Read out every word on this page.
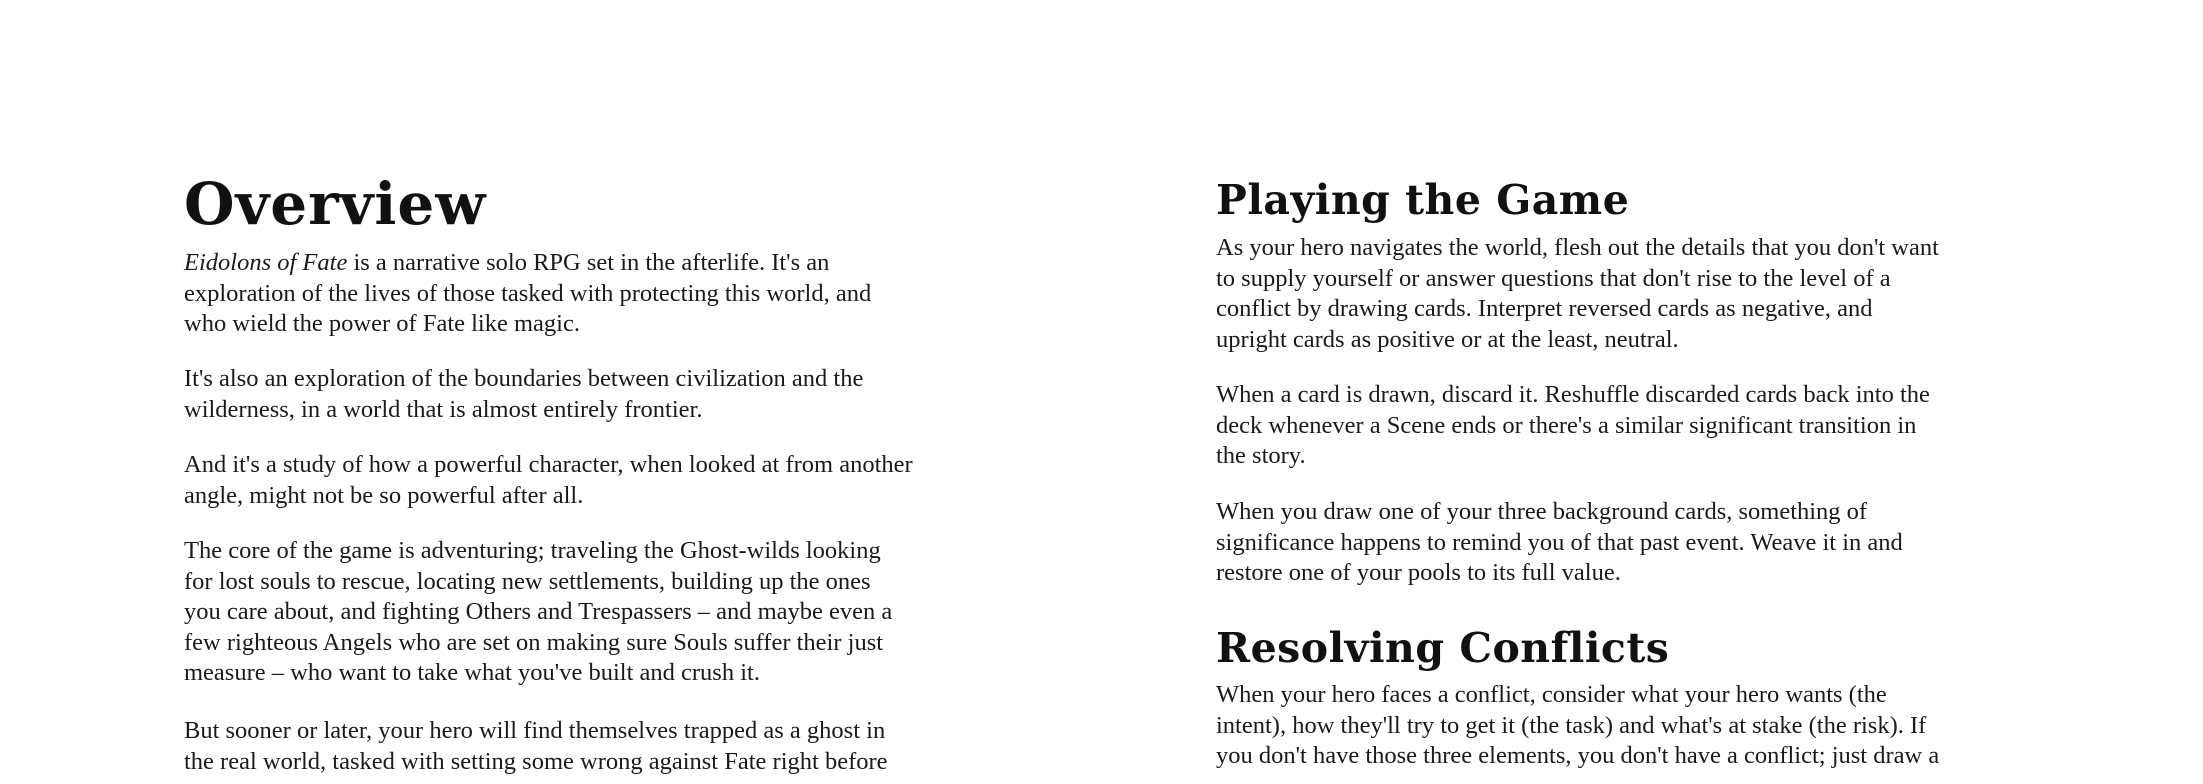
Overview

Eidolons of Fate is a narrative solo RPG set in the afterlife. It's an
exploration of the lives of those tasked with protecting this world, and
who wield the power of Fate like magic.

It's also an exploration of the boundaries between civilization and the
wilderness, in a world that is almost entirely frontier.

And it's a study of how a powerful character, when looked at from another
angle, might not be so powerful after all.

The core of the game is adventuring; traveling the Ghost-wilds looking
for lost souls to rescue, locating new settlements, building up the ones
you care about, and fighting Others and Trespassers – and maybe even a
few righteous Angels who are set on making sure Souls suffer their just
measure – who want to take what you've built and crush it.

But sooner or later, your hero will find themselves trapped as a ghost in
the real world, tasked with setting some wrong against Fate right before

Playing the Game

As your hero navigates the world, flesh out the details that you don't want
to supply yourself or answer questions that don't rise to the level of a
conflict by drawing cards. Interpret reversed cards as negative, and
upright cards as positive or at the least, neutral.

When a card is drawn, discard it. Reshuffle discarded cards back into the
deck whenever a Scene ends or there's a similar significant transition in
the story.

When you draw one of your three background cards, something of
significance happens to remind you of that past event. Weave it in and
restore one of your pools to its full value.

Resolving Conflicts

When your hero faces a conflict, consider what your hero wants (the
intent), how they'll try to get it (the task) and what's at stake (the risk). If
you don't have those three elements, you don't have a conflict; just draw a
